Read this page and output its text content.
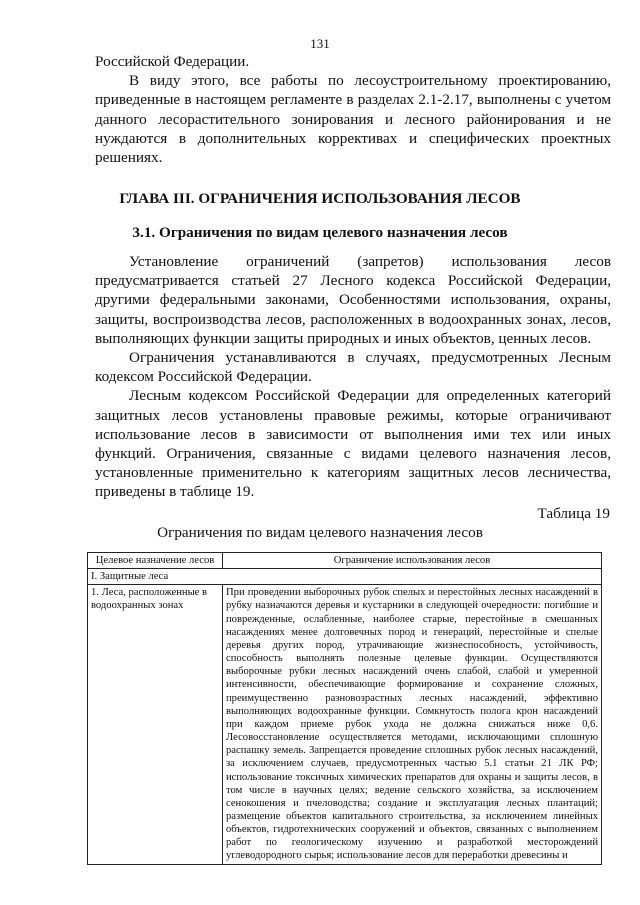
131

Российской Федерации.

В виду этого, все работы по лесоустроительному проектированию, приведенные в настоящем регламенте в разделах 2.1-2.17, выполнены с учетом данного лесорастительного зонирования и лесного районирования и не нуждаются в дополнительных коррективах и специфических проектных решениях.

ГЛАВА III. ОГРАНИЧЕНИЯ ИСПОЛЬЗОВАНИЯ ЛЕСОВ
3.1. Ограничения по видам целевого назначения лесов

Установление ограничений (запретов) использования лесов предусматривается статьей 27 Лесного кодекса Российской Федерации, другими федеральными законами, Особенностями использования, охраны, защиты, воспроизводства лесов, расположенных в водоохранных зонах, лесов, выполняющих функции защиты природных и иных объектов, ценных лесов.

Ограничения устанавливаются в случаях, предусмотренных Лесным кодексом Российской Федерации.

Лесным кодексом Российской Федерации для определенных категорий защитных лесов установлены правовые режимы, которые ограничивают использование лесов в зависимости от выполнения ими тех или иных функций. Ограничения, связанные с видами целевого назначения лесов, установленные применительно к категориям защитных лесов лесничества, приведены в таблице 19.

Таблица 19
Ограничения по видам целевого назначения лесов
Целевое назначение лесов	Ограничение использования лесов
I. Защитные леса	
1. Леса, расположенные в водоохранных зонах	При проведении выборочных рубок спелых и перестойных лесных насаждений в рубку назначаются деревья и кустарники в следующей очередности: погибшие и поврежденные, ослабленные, наиболее старые, перестойные в смешанных насаждениях менее долговечных пород и генераций, перестойные и спелые деревья других пород, утрачивающие жизнеспособность, устойчивость, способность выполнять полезные целевые функции. Осуществляются выборочные рубки лесных насаждений очень слабой, слабой и умеренной интенсивности, обеспечивающие формирование и сохранение сложных, преимущественно разновозрастных лесных насаждений, эффективно выполняющих водоохранные функции. Сомкнутость полога крон насаждений при каждом приеме рубок ухода не должна снижаться ниже 0,6. Лесовосстановление осуществляется методами, исключающими сплошную распашку земель. Запрещается проведение сплошных рубок лесных насаждений, за исключением случаев, предусмотренных частью 5.1 статьи 21 ЛК РФ; использование токсичных химических препаратов для охраны и защиты лесов, в том числе в научных целях; ведение сельского хозяйства, за исключением сенокошения и пчеловодства; создание и эксплуатация лесных плантаций; размещение объектов капитального строительства, за исключением линейных объектов, гидротехнических сооружений и объектов, связанных с выполнением работ по геологическому изучению и разработкой месторождений углеводородного сырья; использование лесов для переработки древесины и
